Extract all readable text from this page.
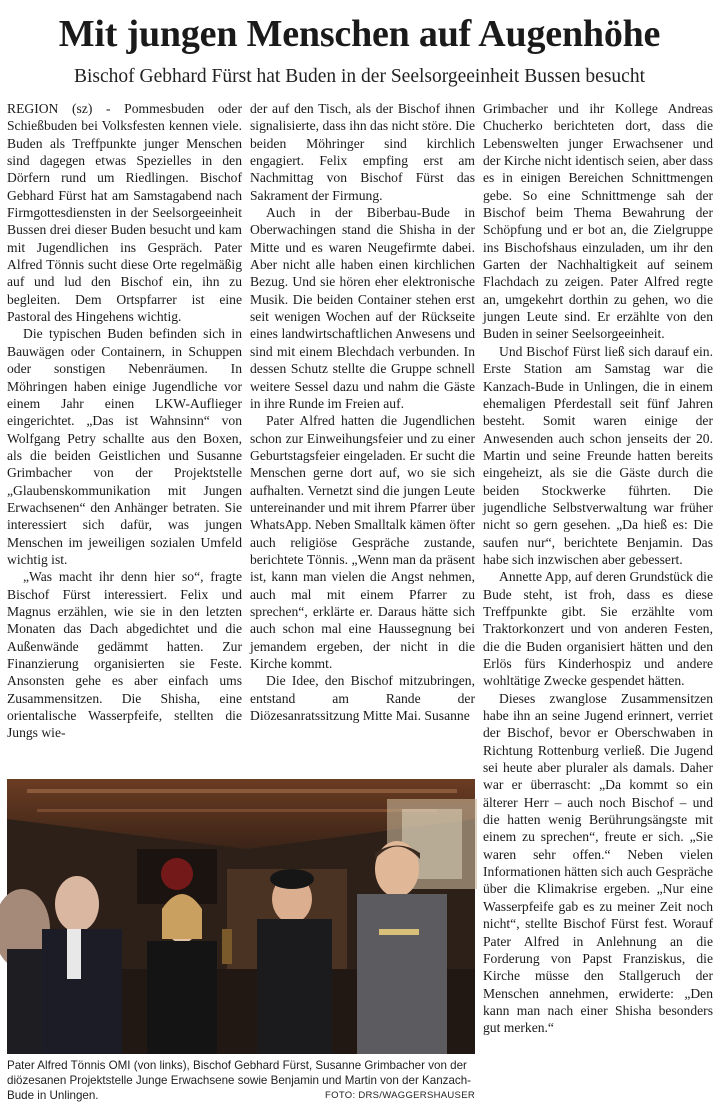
Mit jungen Menschen auf Augenhöhe
Bischof Gebhard Fürst hat Buden in der Seelsorgeeinheit Bussen besucht

REGION (sz) - Pommesbuden oder Schießbuden bei Volksfesten kennen viele. Buden als Treffpunkte junger Menschen sind dagegen etwas Spezielles in den Dörfern rund um Riedlingen. Bischof Gebhard Fürst hat am Samstagabend nach Firmgottesdiensten in der Seelsorgeeinheit Bussen drei dieser Buden besucht und kam mit Jugendlichen ins Gespräch. Pater Alfred Tönnis sucht diese Orte regelmäßig auf und lud den Bischof ein, ihn zu begleiten. Dem Ortspfarrer ist eine Pastoral des Hingehens wichtig.

Die typischen Buden befinden sich in Bauwägen oder Containern, in Schuppen oder sonstigen Nebenräumen. In Möhringen haben einige Jugendliche vor einem Jahr einen LKW-Auflieger eingerichtet. „Das ist Wahnsinn“ von Wolfgang Petry schallte aus den Boxen, als die beiden Geistlichen und Susanne Grimbacher von der Projektstelle „Glaubenskommunikation mit Jungen Erwachsenen“ den Anhänger betraten. Sie interessiert sich dafür, was jungen Menschen im jeweiligen sozialen Umfeld wichtig ist.

„Was macht ihr denn hier so“, fragte Bischof Fürst interessiert. Felix und Magnus erzählen, wie sie in den letzten Monaten das Dach abgedichtet und die Außenwände gedämmt hatten. Zur Finanzierung organisierten sie Feste. Ansonsten gehe es aber einfach ums Zusammensitzen. Die Shisha, eine orientalische Wasserpfeife, stellten die Jungs wie-

der auf den Tisch, als der Bischof ihnen signalisierte, dass ihn das nicht störe. Die beiden Möhringer sind kirchlich engagiert. Felix empfing erst am Nachmittag von Bischof Fürst das Sakrament der Firmung.

Auch in der Biberbau-Bude in Oberwachingen stand die Shisha in der Mitte und es waren Neugefirmte dabei. Aber nicht alle haben einen kirchlichen Bezug. Und sie hören eher elektronische Musik. Die beiden Container stehen erst seit wenigen Wochen auf der Rückseite eines landwirtschaftlichen Anwesens und sind mit einem Blechdach verbunden. In dessen Schutz stellte die Gruppe schnell weitere Sessel dazu und nahm die Gäste in ihre Runde im Freien auf.

Pater Alfred hatten die Jugendlichen schon zur Einweihungsfeier und zu einer Geburtstagsfeier eingeladen. Er sucht die Menschen gerne dort auf, wo sie sich aufhalten. Vernetzt sind die jungen Leute untereinander und mit ihrem Pfarrer über WhatsApp. Neben Smalltalk kämen öfter auch religiöse Gespräche zustande, berichtete Tönnis. „Wenn man da präsent ist, kann man vielen die Angst nehmen, auch mal mit einem Pfarrer zu sprechen“, erklärte er. Daraus hätte sich auch schon mal eine Haussegnung bei jemandem ergeben, der nicht in die Kirche kommt.

Die Idee, den Bischof mitzubringen, entstand am Rande der Diözesanratssitzung Mitte Mai. Susanne

Grimbacher und ihr Kollege Andreas Chucherko berichteten dort, dass die Lebenswelten junger Erwachsener und der Kirche nicht identisch seien, aber dass es in einigen Bereichen Schnittmengen gebe. So eine Schnittmenge sah der Bischof beim Thema Bewahrung der Schöpfung und er bot an, die Zielgruppe ins Bischofshaus einzuladen, um ihr den Garten der Nachhaltigkeit auf seinem Flachdach zu zeigen. Pater Alfred regte an, umgekehrt dorthin zu gehen, wo die jungen Leute sind. Er erzählte von den Buden in seiner Seelsorgeeinheit.

Und Bischof Fürst ließ sich darauf ein. Erste Station am Samstag war die Kanzach-Bude in Unlingen, die in einem ehemaligen Pferdestall seit fünf Jahren besteht. Somit waren einige der Anwesenden auch schon jenseits der 20. Martin und seine Freunde hatten bereits eingeheizt, als sie die Gäste durch die beiden Stockwerke führten. Die jugendliche Selbstverwaltung war früher nicht so gern gesehen. „Da hieß es: Die saufen nur“, berichtete Benjamin. Das habe sich inzwischen aber gebessert.

Annette App, auf deren Grundstück die Bude steht, ist froh, dass es diese Treffpunkte gibt. Sie erzählte vom Traktorkonzert und von anderen Festen, die die Buden organisiert hätten und den Erlös fürs Kinderhospiz und andere wohltätige Zwecke gespendet hätten.

Dieses zwanglose Zusammensitzen habe ihn an seine Jugend erinnert, verriet der Bischof, bevor er Oberschwaben in Richtung Rottenburg verließ. Die Jugend sei heute aber pluraler als damals. Daher war er überrascht: „Da kommt so ein älterer Herr – auch noch Bischof – und die hatten wenig Berührungsängste mit einem zu sprechen“, freute er sich. „Sie waren sehr offen.“ Neben vielen Informationen hätten sich auch Gespräche über die Klimakrise ergeben. „Nur eine Wasserpfeife gab es zu meiner Zeit noch nicht“, stellte Bischof Fürst fest. Worauf Pater Alfred in Anlehnung an die Forderung von Papst Franziskus, die Kirche müsse den Stallgeruch der Menschen annehmen, erwiderte: „Den kann man nach einer Shisha besonders gut merken.“

Pater Alfred Tönnis OMI (von links), Bischof Gebhard Fürst, Susanne Grimbacher von der diözesanen Projektstelle Junge Erwachsene sowie Benjamin und Martin von der Kanzach-Bude in Unlingen.	FOTO: DRS/WAGGERSHAUSER
